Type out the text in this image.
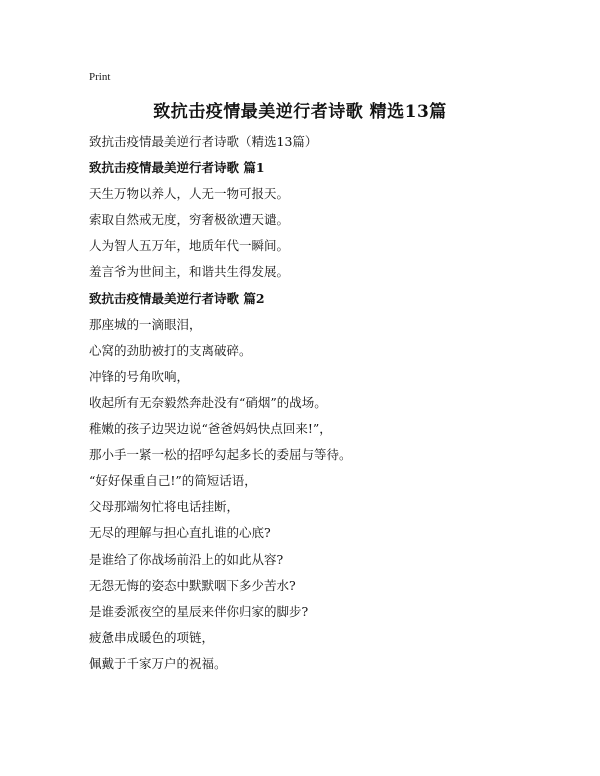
Print
致抗击疫情最美逆行者诗歌 精选13篇
致抗击疫情最美逆行者诗歌（精选13篇）
致抗击疫情最美逆行者诗歌 篇1
天生万物以养人，人无一物可报天。
索取自然戒无度，穷奢极欲遭天谴。
人为智人五万年，地质年代一瞬间。
羞言爷为世间主，和谐共生得发展。
致抗击疫情最美逆行者诗歌 篇2
那座城的一滴眼泪，
心窝的劲肋被打的支离破碎。
冲锋的号角吹响，
收起所有无奈毅然奔赴没有“硝烟”的战场。
稚嫩的孩子边哭边说“爸爸妈妈快点回来!”，
那小手一紧一松的招呼勾起多长的委屈与等待。
“好好保重自己!”的简短话语，
父母那端匆忙将电话挂断，
无尽的理解与担心直扎谁的心底?
是谁给了你战场前沿上的如此从容?
无怨无悔的姿态中默默咽下多少苦水?
是谁委派夜空的星辰来伴你归家的脚步?
疲惫串成暖色的项链，
佩戴于千家万户的祝福。
